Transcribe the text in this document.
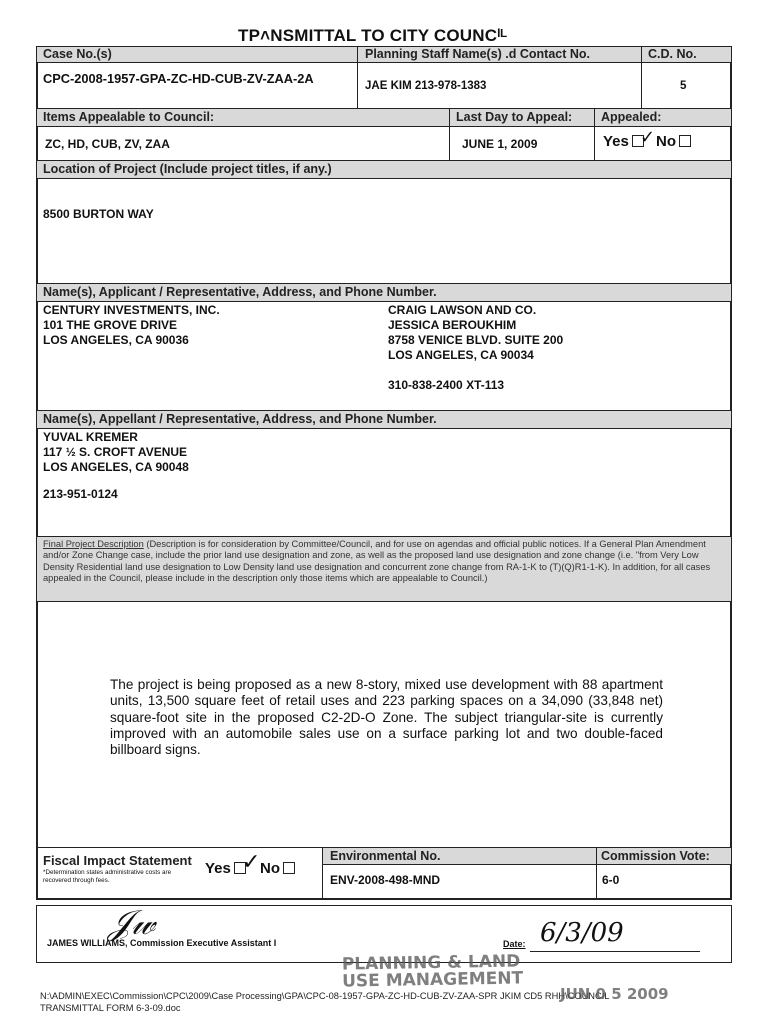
TP˄NSMITTAL TO CITY COUNCᴵᴸ
Case No.(s)	Planning Staff Name(s) .d Contact No.	C.D. No.
CPC-2008-1957-GPA-ZC-HD-CUB-ZV-ZAA-2A	JAE KIM 213-978-1383	5
Items Appealable to Council:	Last Day to Appeal: Appealed:
ZC, HD, CUB, ZV, ZAA	JUNE 1, 2009	Yes No
✓
Location of Project (Include project titles, if any.)
8500 BURTON WAY
Name(s), Applicant / Representative, Address, and Phone Number.
CENTURY INVESTMENTS, INC.
101 THE GROVE DRIVE
LOS ANGELES, CA 90036
CRAIG LAWSON AND CO.
JESSICA BEROUKHIM
8758 VENICE BLVD. SUITE 200
LOS ANGELES, CA 90034
310-838-2400 XT-113
Name(s), Appellant / Representative, Address, and Phone Number.
YUVAL KREMER
117 ½ S. CROFT AVENUE
LOS ANGELES, CA 90048
213-951-0124
Final Project Description (Description is for consideration by Committee/Council, and for use on agendas and official public notices. If a General Plan Amendment and/or Zone Change case, include the prior land use designation and zone, as well as the proposed land use designation and zone change (i.e. "from Very Low Density Residential land use designation to Low Density land use designation and concurrent zone change from RA-1-K to (T)(Q)R1-1-K). In addition, for all cases appealed in the Council, please include in the description only those items which are appealable to Council.)
The project is being proposed as a new 8-story, mixed use development with 88 apartment units, 13,500 square feet of retail uses and 223 parking spaces on a 34,090 (33,848 net) square-foot site in the proposed C2-2D-O Zone. The subject triangular-site is currently improved with an automobile sales use on a surface parking lot and two double-faced billboard signs.
Fiscal Impact Statement
*Determination states administrative costs are recovered through fees.
Yes No
✓	Environmental No.	Commission Vote:
ENV-2008-498-MND	6-0
JAMES WILLIAMS, Commission Executive Assistant I
𝒥𝓌
Date: 6/3/09
N:\ADMIN\EXEC\Commission\CPC\2009\Case Processing\GPA\CPC-08-1957-GPA-ZC-HD-CUB-ZV-ZAA-SPR JKIM CD5 RHH\COUNCIL
TRANSMITTAL FORM 6-3-09.doc
PLANNING & LAND
USE MANAGEMENT
JUN 0 5 2009
